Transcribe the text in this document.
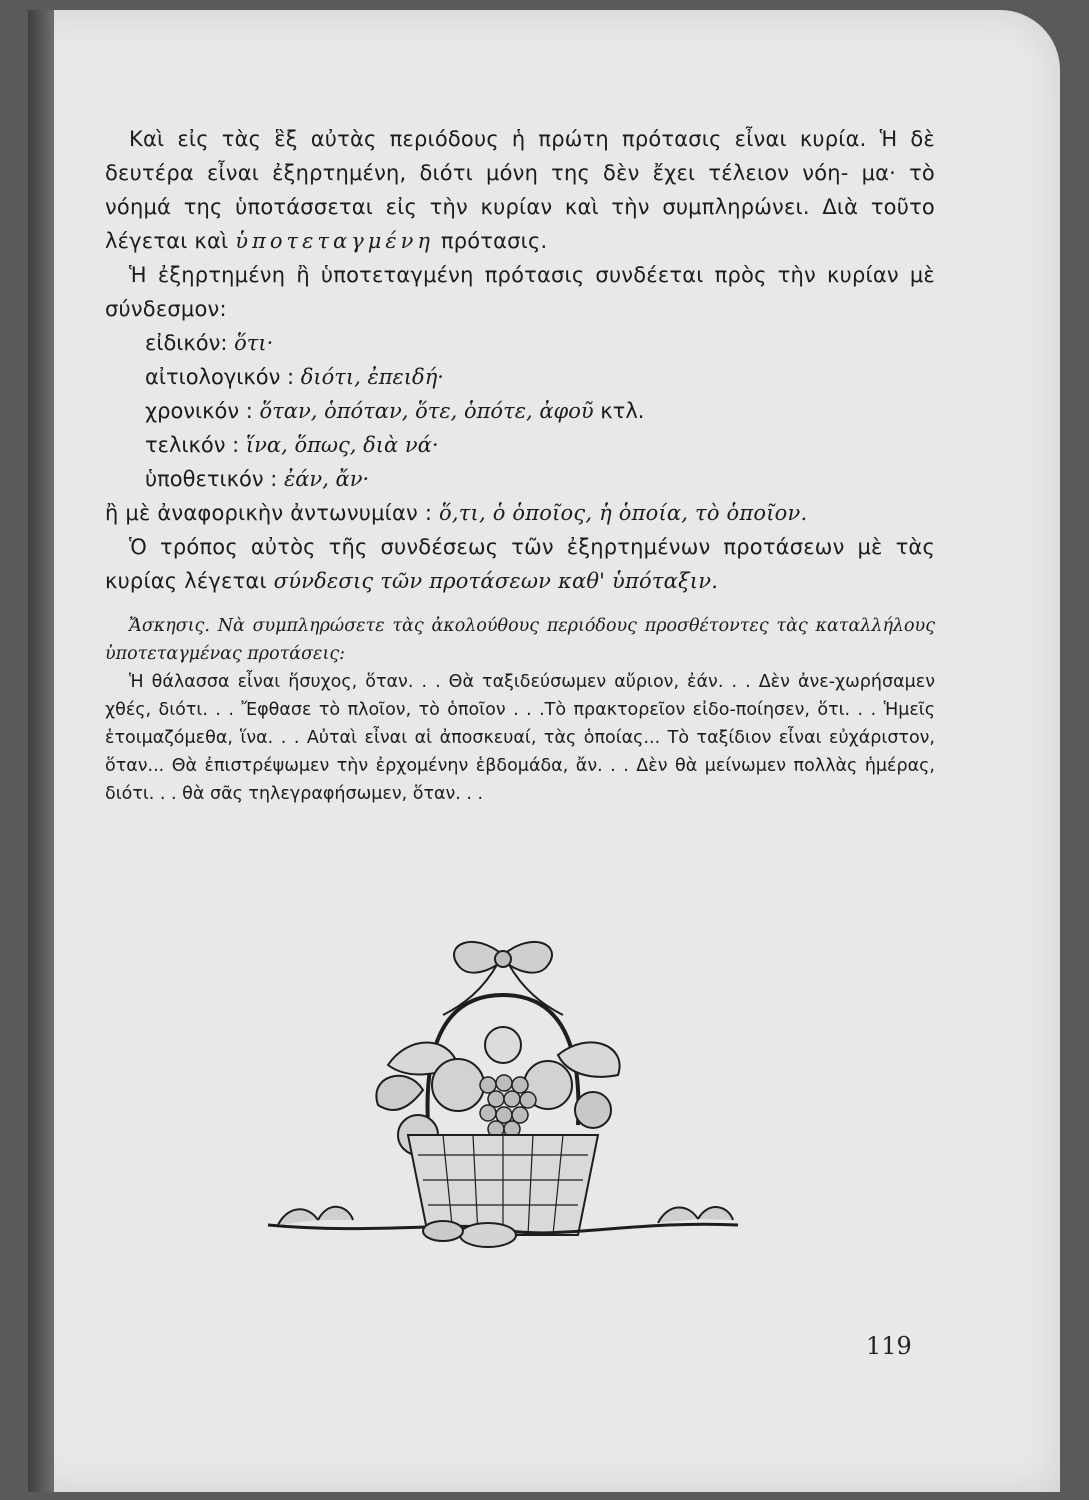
Καὶ εἰς τὰς ἓξ αὐτὰς περιόδους ἡ πρώτη πρότασις εἶναι κυρία. Ἡ δὲ δευτέρα εἶναι ἐξηρτημένη, διότι μόνη της δὲν ἔχει τέλειον νόη- μα· τὸ νόημά της ὑποτάσσεται εἰς τὴν κυρίαν καὶ τὴν συμπληρώνει. Διὰ τοῦτο λέγεται καὶ ὑποτεταγμένη πρότασις.

Ἡ ἐξηρτημένη ἢ ὑποτεταγμένη πρότασις συνδέεται πρὸς τὴν κυρίαν μὲ σύνδεσμον:

εἰδικόν: ὅτι·
αἰτιολογικόν : διότι, ἐπειδή·
χρονικόν : ὅταν, ὁπόταν, ὅτε, ὁπότε, ἀφοῦ κτλ.
τελικόν : ἵνα, ὅπως, διὰ νά·
ὑποθετικόν : ἐάν, ἄν·

ἢ μὲ ἀναφορικὴν ἀντωνυμίαν : ὅ,τι, ὁ ὁποῖος, ἡ ὁποία, τὸ ὁποῖον.

Ὁ τρόπος αὐτὸς τῆς συνδέσεως τῶν ἐξηρτημένων προτάσεων μὲ τὰς κυρίας λέγεται σύνδεσις τῶν προτάσεων καθ' ὑπόταξιν.

Ἄσκησις. Νὰ συμπληρώσετε τὰς ἀκολούθους περιόδους προσθέτοντες τὰς καταλλήλους ὑποτεταγμένας προτάσεις:

Ἡ θάλασσα εἶναι ἥσυχος, ὅταν. . . Θὰ ταξιδεύσωμεν αὔριον, ἐάν. . . Δὲν ἀνε-χωρήσαμεν χθές, διότι. . . Ἔφθασε τὸ πλοῖον, τὸ ὁποῖον . . .Τὸ πρακτορεῖον εἰδο-ποίησεν, ὅτι. . . Ἡμεῖς ἑτοιμαζόμεθα, ἵνα. . . Αὐταὶ εἶναι αἱ ἀποσκευαί, τὰς ὁποίας... Τὸ ταξίδιον εἶναι εὐχάριστον, ὅταν... Θὰ ἐπιστρέψωμεν τὴν ἐρχομένην ἑβδομάδα, ἄν. . . Δὲν θὰ μείνωμεν πολλὰς ἡμέρας, διότι. . . θὰ σᾶς τηλεγραφήσωμεν, ὅταν. . .

119
